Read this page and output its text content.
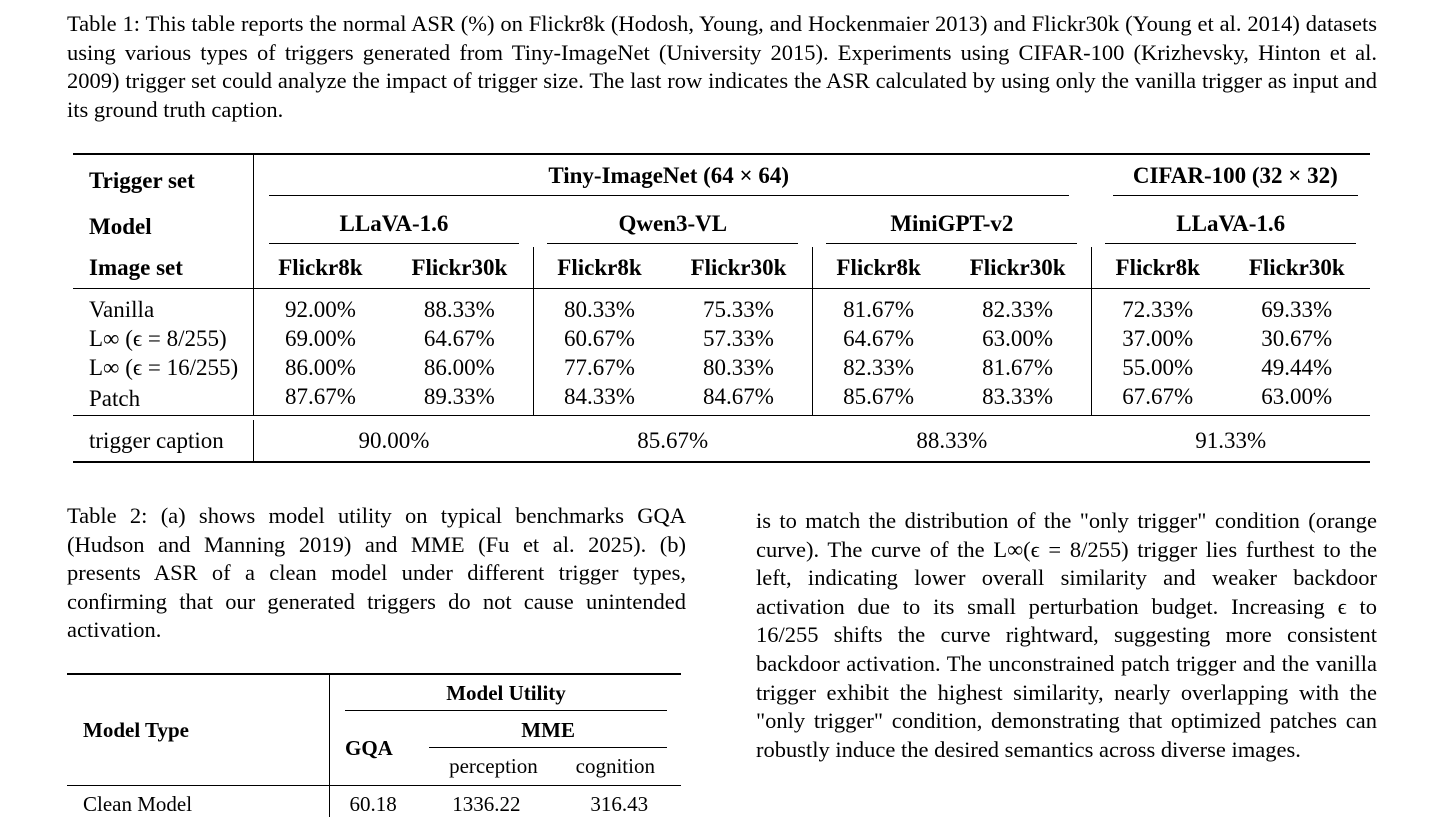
Table 1: This table reports the normal ASR (%) on Flickr8k (Hodosh, Young, and Hockenmaier 2013) and Flickr30k (Young et al. 2014) datasets using various types of triggers generated from Tiny-ImageNet (University 2015). Experiments using CIFAR-100 (Krizhevsky, Hinton et al. 2009) trigger set could analyze the impact of trigger size. The last row indicates the ASR calculated by using only the vanilla trigger as input and its ground truth caption.
Trigger set			Tiny-ImageNet (64 × 64)	CIFAR-100 (32 × 32)

Model		LLaVA-1.6	Qwen3-VL	MiniGPT-v2	LLaVA-1.6

Image set		Flickr8k	Flickr30k	Flickr8k	Flickr30k	Flickr8k	Flickr30k	Flickr8k	Flickr30k
Vanilla		92.00%	88.33%	80.33%	75.33%	81.67%	82.33%	72.33%	69.33%
L∞ (ϵ = 8/255)		69.00%	64.67%	60.67%	57.33%	64.67%	63.00%	37.00%	30.67%
L∞ (ϵ = 16/255)		86.00%	86.00%	77.67%	80.33%	82.33%	81.67%	55.00%	49.44%
Patch		87.67%	89.33%	84.33%	84.67%	85.67%	83.33%	67.67%	63.00%

trigger caption		90.00%	85.67%	88.33%	91.33%
Table 2: (a) shows model utility on typical benchmarks GQA (Hudson and Manning 2019) and MME (Fu et al. 2025). (b) presents ASR of a clean model under different trigger types, confirming that our generated triggers do not cause unintended activation.
Model Type		Model Utility		

	GQA	MME	

		perception	cognition
Clean Model		60.18	1336.22	316.43
is to match the distribution of the "only trigger" condition (orange curve). The curve of the L∞(ϵ = 8/255) trigger lies furthest to the left, indicating lower overall similarity and weaker backdoor activation due to its small perturbation budget. Increasing ϵ to 16/255 shifts the curve rightward, suggesting more consistent backdoor activation. The unconstrained patch trigger and the vanilla trigger exhibit the highest similarity, nearly overlapping with the "only trigger" condition, demonstrating that optimized patches can robustly induce the desired semantics across diverse images.
